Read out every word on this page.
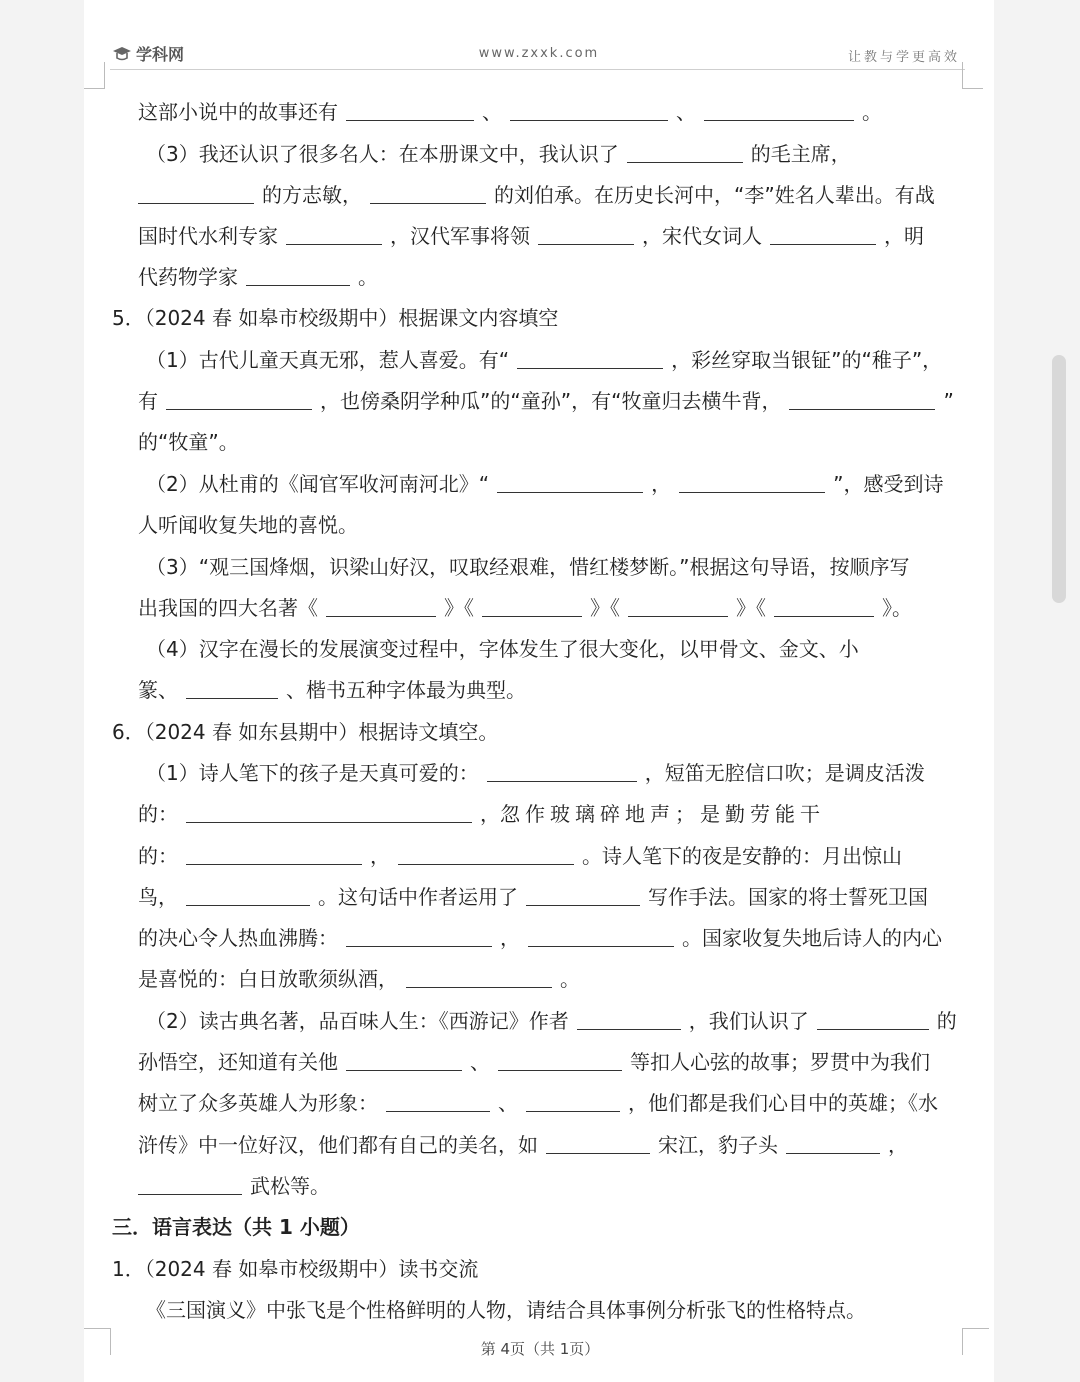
学科网	www.zxxk.com	让教与学更高效
这部小说中的故事还有	、	、	。
（3）我还认识了很多名人：在本册课文中，我认识了	的毛主席，
的方志敏，	的刘伯承。在历史长河中，“李”姓名人辈出。有战
国时代水利专家	，汉代军事将领	，宋代女词人	，明
代药物学家	。
5．（2024 春 如皋市校级期中）根据课文内容填空
（1）古代儿童天真无邪，惹人喜爱。有“	，彩丝穿取当银钲”的“稚子”，
有	，也傍桑阴学种瓜”的“童孙”，有“牧童归去横牛背，	”
的“牧童”。
（2）从杜甫的《闻官军收河南河北》“	，	”，感受到诗
人听闻收复失地的喜悦。
（3）“观三国烽烟，识梁山好汉，叹取经艰难，惜红楼梦断。”根据这句导语，按顺序写
出我国的四大名著《	》《	》《	》《	》。
（4）汉字在漫长的发展演变过程中，字体发生了很大变化，以甲骨文、金文、小
篆、	、楷书五种字体最为典型。
6．（2024 春 如东县期中）根据诗文填空。
（1）诗人笔下的孩子是天真可爱的：	，短笛无腔信口吹；是调皮活泼
的：	，忽作玻璃碎地声；是勤劳能干
的：	，	。诗人笔下的夜是安静的：月出惊山
鸟，	。这句话中作者运用了	写作手法。国家的将士誓死卫国
的决心令人热血沸腾：	，	。国家收复失地后诗人的内心
是喜悦的：白日放歌须纵酒，	。
（2）读古典名著，品百味人生：《西游记》作者	，我们认识了	的
孙悟空，还知道有关他	、	等扣人心弦的故事；罗贯中为我们
树立了众多英雄人为形象：	、	，他们都是我们心目中的英雄；《水
浒传》中一位好汉，他们都有自己的美名，如	宋江，豹子头	，
武松等。
三．语言表达（共 1 小题）
1．（2024 春 如皋市校级期中）读书交流
《三国演义》中张飞是个性格鲜明的人物，请结合具体事例分析张飞的性格特点。
第 4页（共 1页）
